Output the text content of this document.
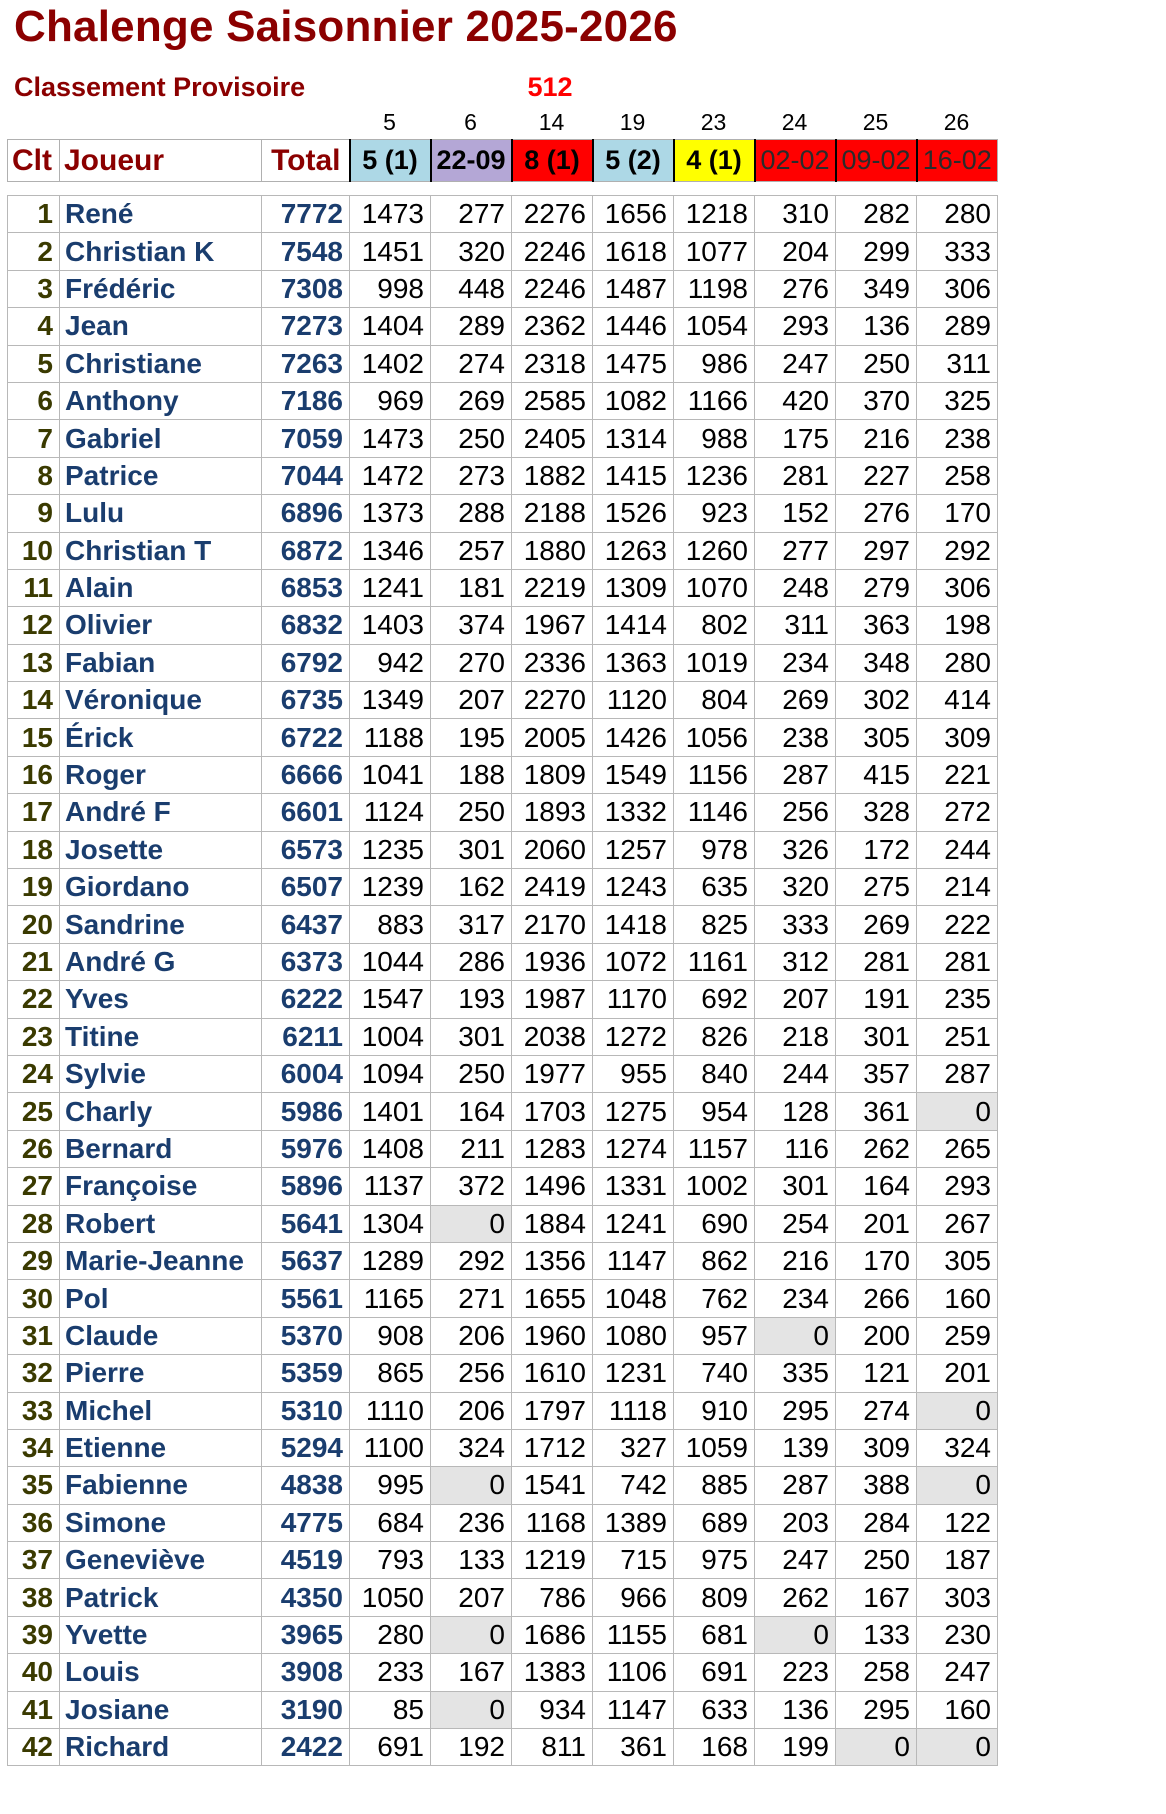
Chalenge Saisonnier 2025-2026
Classement Provisoire	512
5	6	14	19	23	24	25	26
Clt	Joueur	Total	5 (1)	22-09	8 (1)	5 (2)	4 (1)	02-02	09-02	16-02
1	René	7772	1473	277	2276	1656	1218	310	282	280
2	Christian K	7548	1451	320	2246	1618	1077	204	299	333
3	Frédéric	7308	998	448	2246	1487	1198	276	349	306
4	Jean	7273	1404	289	2362	1446	1054	293	136	289
5	Christiane	7263	1402	274	2318	1475	986	247	250	311
6	Anthony	7186	969	269	2585	1082	1166	420	370	325
7	Gabriel	7059	1473	250	2405	1314	988	175	216	238
8	Patrice	7044	1472	273	1882	1415	1236	281	227	258
9	Lulu	6896	1373	288	2188	1526	923	152	276	170
10	Christian T	6872	1346	257	1880	1263	1260	277	297	292
11	Alain	6853	1241	181	2219	1309	1070	248	279	306
12	Olivier	6832	1403	374	1967	1414	802	311	363	198
13	Fabian	6792	942	270	2336	1363	1019	234	348	280
14	Véronique	6735	1349	207	2270	1120	804	269	302	414
15	Érick	6722	1188	195	2005	1426	1056	238	305	309
16	Roger	6666	1041	188	1809	1549	1156	287	415	221
17	André F	6601	1124	250	1893	1332	1146	256	328	272
18	Josette	6573	1235	301	2060	1257	978	326	172	244
19	Giordano	6507	1239	162	2419	1243	635	320	275	214
20	Sandrine	6437	883	317	2170	1418	825	333	269	222
21	André G	6373	1044	286	1936	1072	1161	312	281	281
22	Yves	6222	1547	193	1987	1170	692	207	191	235
23	Titine	6211	1004	301	2038	1272	826	218	301	251
24	Sylvie	6004	1094	250	1977	955	840	244	357	287
25	Charly	5986	1401	164	1703	1275	954	128	361	0
26	Bernard	5976	1408	211	1283	1274	1157	116	262	265
27	Françoise	5896	1137	372	1496	1331	1002	301	164	293
28	Robert	5641	1304	0	1884	1241	690	254	201	267
29	Marie-Jeanne	5637	1289	292	1356	1147	862	216	170	305
30	Pol	5561	1165	271	1655	1048	762	234	266	160
31	Claude	5370	908	206	1960	1080	957	0	200	259
32	Pierre	5359	865	256	1610	1231	740	335	121	201
33	Michel	5310	1110	206	1797	1118	910	295	274	0
34	Etienne	5294	1100	324	1712	327	1059	139	309	324
35	Fabienne	4838	995	0	1541	742	885	287	388	0
36	Simone	4775	684	236	1168	1389	689	203	284	122
37	Geneviève	4519	793	133	1219	715	975	247	250	187
38	Patrick	4350	1050	207	786	966	809	262	167	303
39	Yvette	3965	280	0	1686	1155	681	0	133	230
40	Louis	3908	233	167	1383	1106	691	223	258	247
41	Josiane	3190	85	0	934	1147	633	136	295	160
42	Richard	2422	691	192	811	361	168	199	0	0
